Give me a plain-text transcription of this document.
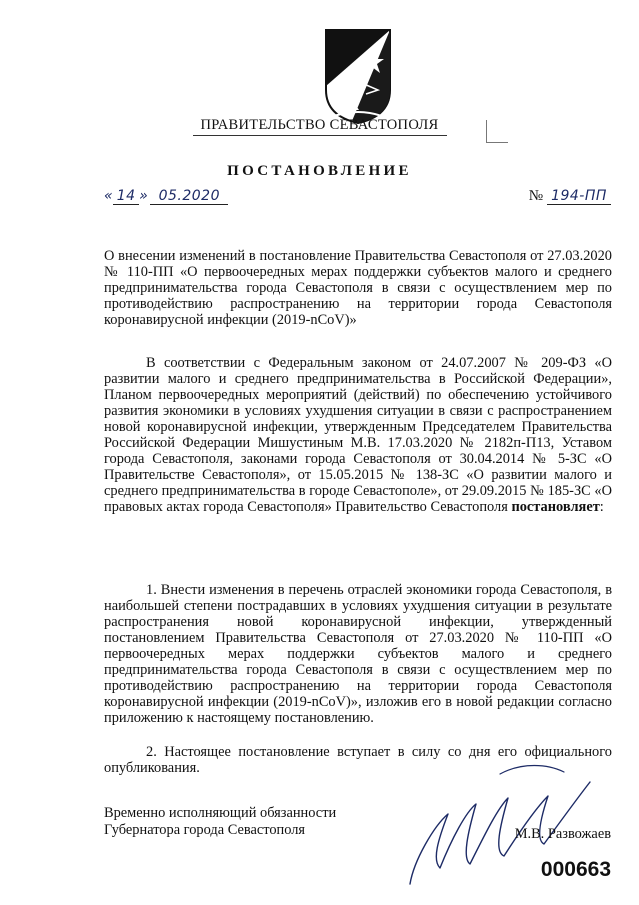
ПРАВИТЕЛЬСТВО СЕВАСТОПОЛЯ
ПОСТАНОВЛЕНИЕ
« 14 » 05.2020	№ 194-ПП

О внесении изменений в постановление Правительства Севастополя от 27.03.2020 № 110-ПП «О первоочередных мерах поддержки субъектов малого и среднего предпринимательства города Севастополя в связи с осуществлением мер по противодействию распространению на территории города Севастополя коронавирусной инфекции (2019-nCoV)»

В соответствии с Федеральным законом от 24.07.2007 № 209-ФЗ «О развитии малого и среднего предпринимательства в Российской Федерации», Планом первоочередных мероприятий (действий) по обеспечению устойчивого развития экономики в условиях ухудшения ситуации в связи с распространением новой коронавирусной инфекции, утвержденным Председателем Правительства Российской Федерации Мишустиным М.В. 17.03.2020 № 2182п-П13, Уставом города Севастополя, законами города Севастополя от 30.04.2014 № 5-ЗС «О Правительстве Севастополя», от 15.05.2015 № 138-ЗС «О развитии малого и среднего предпринимательства в городе Севастополе», от 29.09.2015 № 185-ЗС «О правовых актах города Севастополя» Правительство Севастополя постановляет:

1. Внести изменения в перечень отраслей экономики города Севастополя, в наибольшей степени пострадавших в условиях ухудшения ситуации в результате распространения новой коронавирусной инфекции, утвержденный постановлением Правительства Севастополя от 27.03.2020 № 110-ПП «О первоочередных мерах поддержки субъектов малого и среднего предпринимательства города Севастополя в связи с осуществлением мер по противодействию распространению на территории города Севастополя коронавирусной инфекции (2019-nCoV)», изложив его в новой редакции согласно приложению к настоящему постановлению.

2. Настоящее постановление вступает в силу со дня его официального опубликования.

Временно исполняющий обязанности
Губернатора города Севастополя	М.В. Развожаев
000663
